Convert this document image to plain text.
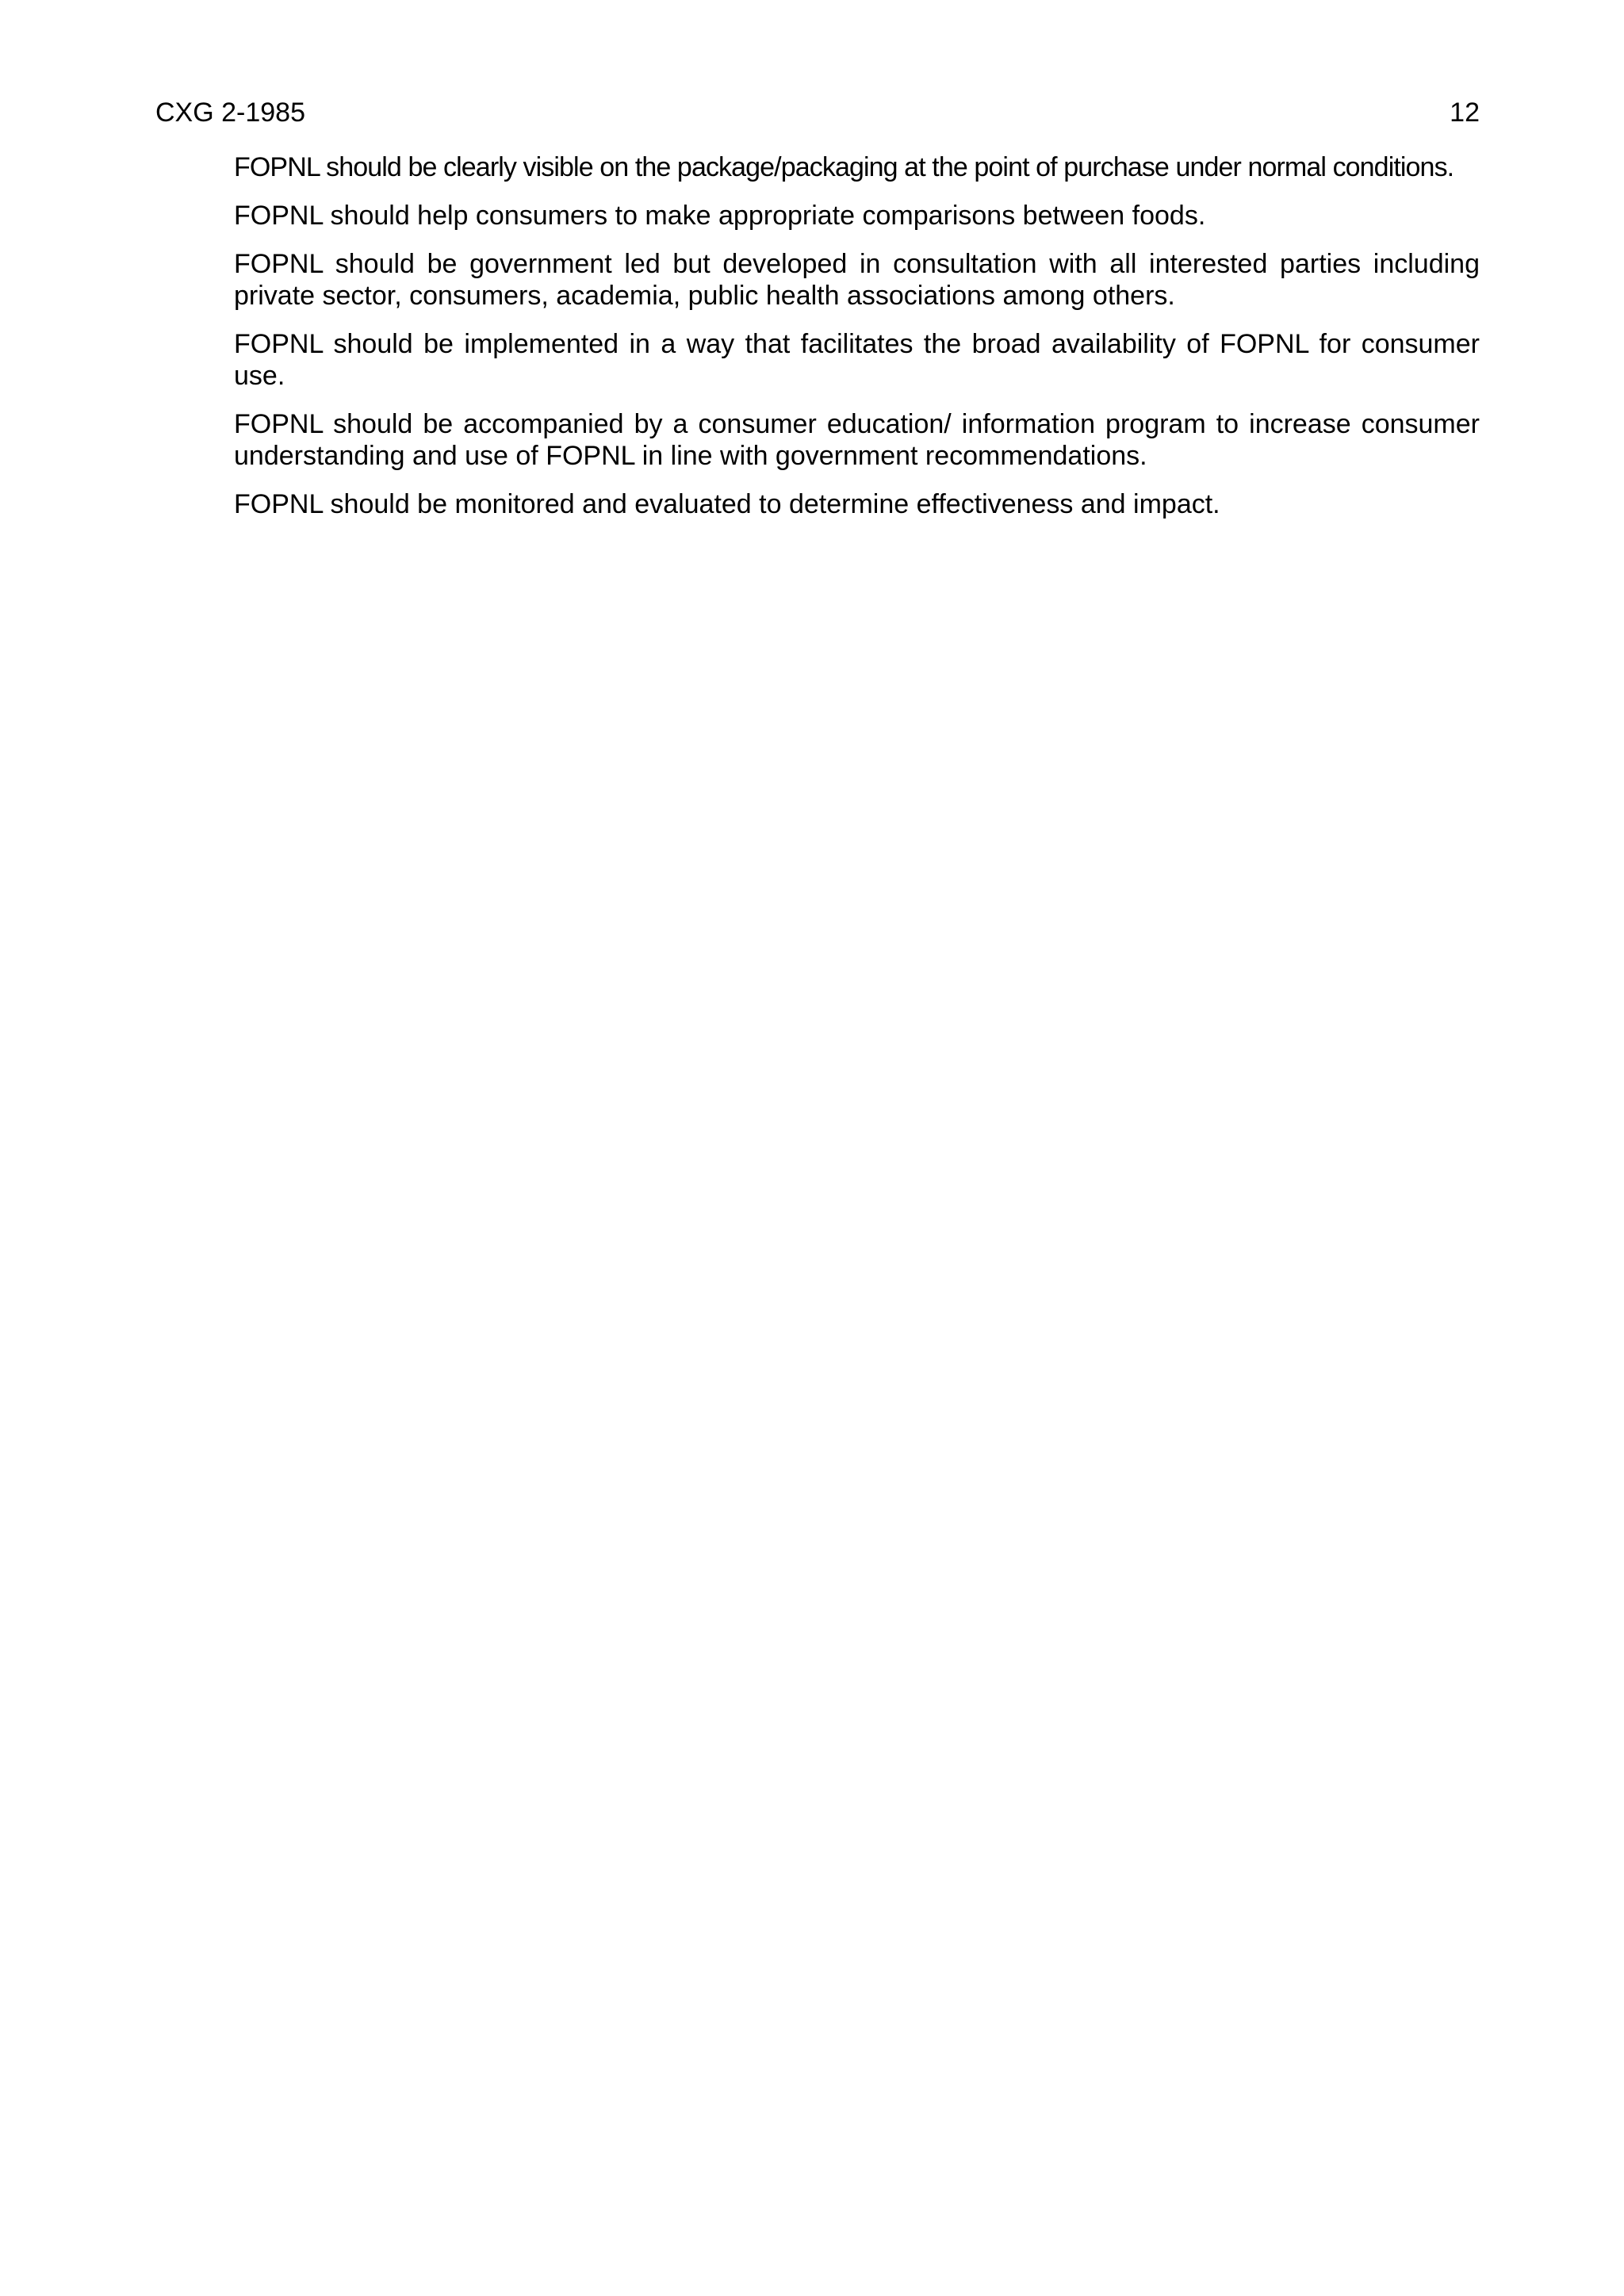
CXG 2-1985	12

FOPNL should be clearly visible on the package/packaging at the point of purchase under normal conditions.

FOPNL should help consumers to make appropriate comparisons between foods.

FOPNL should be government led but developed in consultation with all interested parties including private sector, consumers, academia, public health associations among others.

FOPNL should be implemented in a way that facilitates the broad availability of FOPNL for consumer use.

FOPNL should be accompanied by a consumer education/ information program to increase consumer understanding and use of FOPNL in line with government recommendations.

FOPNL should be monitored and evaluated to determine effectiveness and impact.
